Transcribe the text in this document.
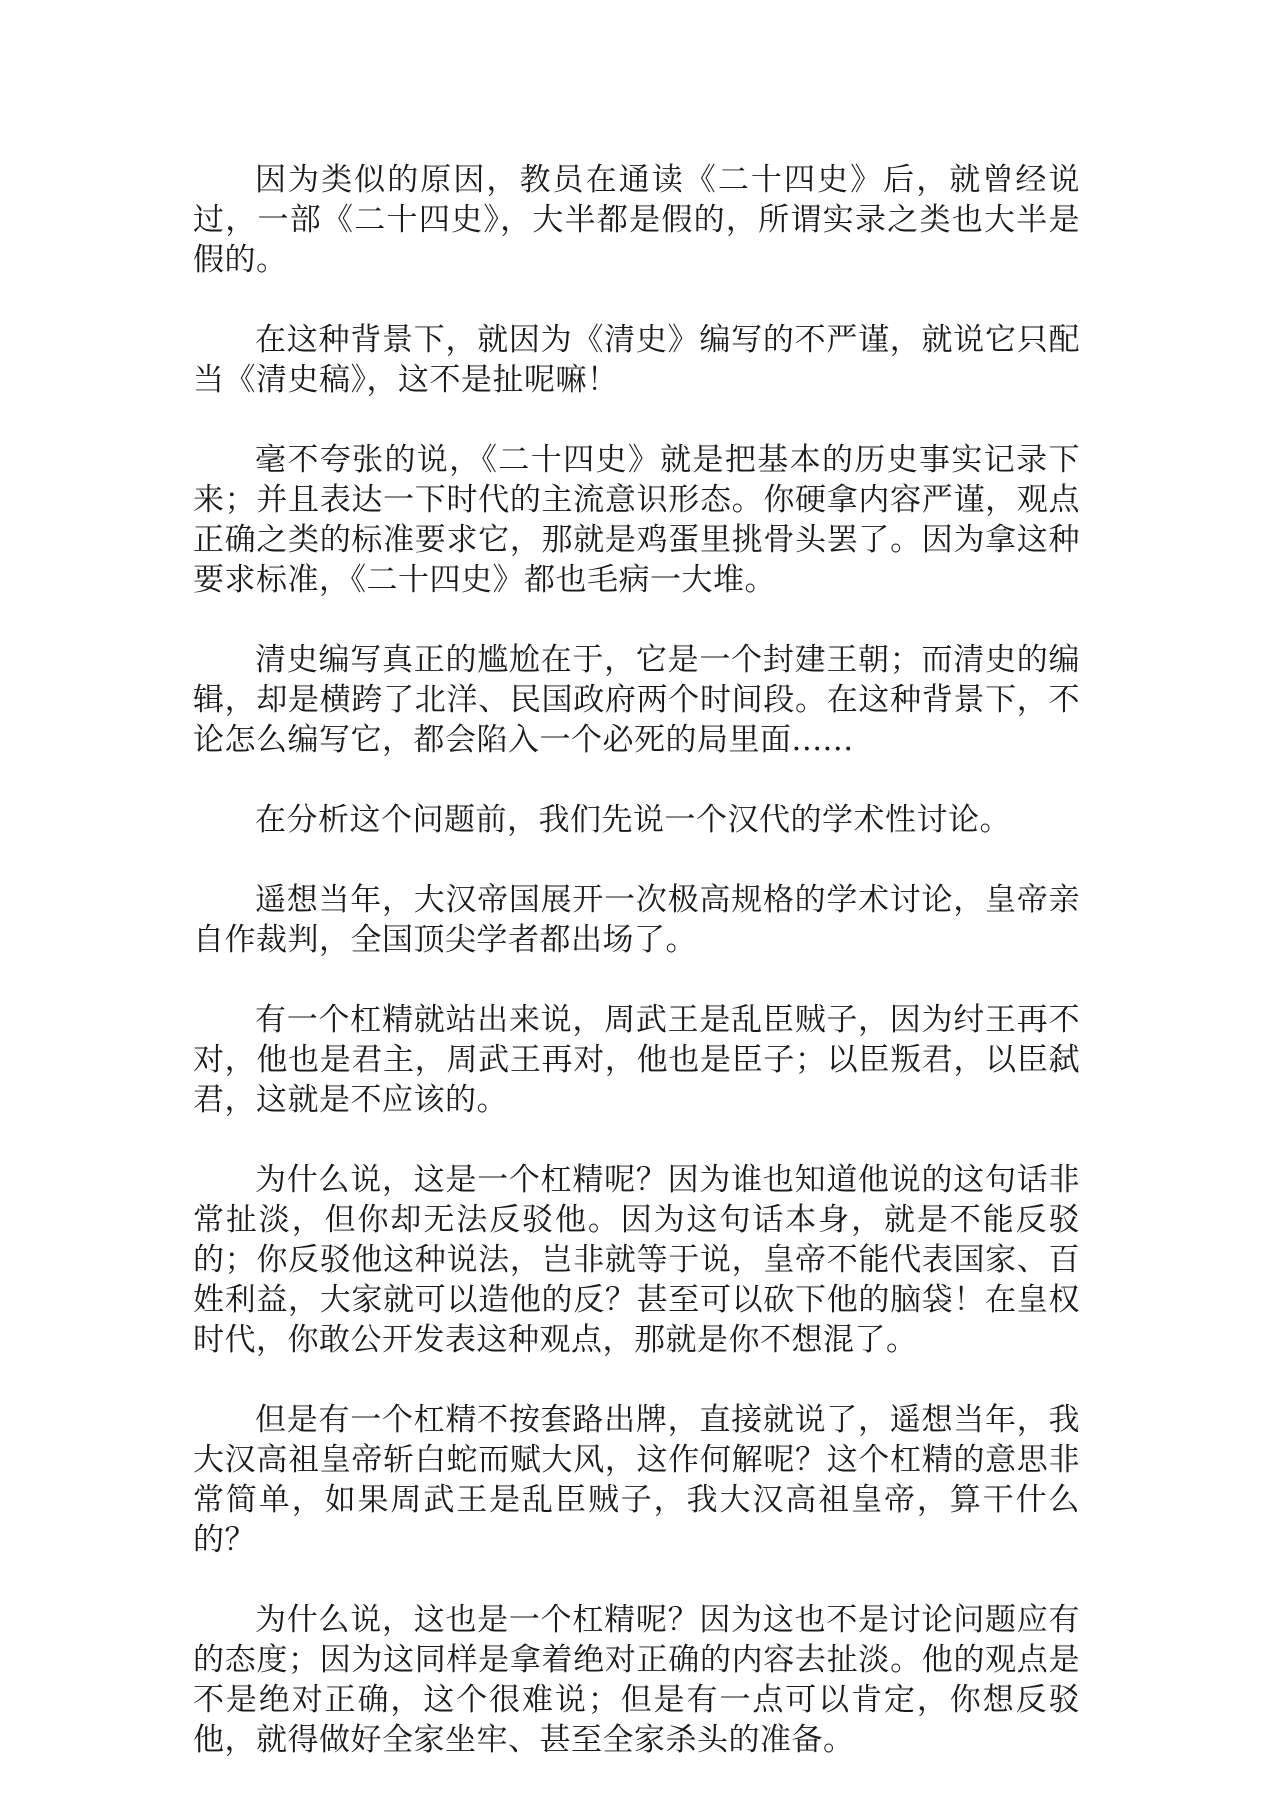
因为类似的原因，教员在通读《二十四史》后，就曾经说过，一部《二十四史》，大半都是假的，所谓实录之类也大半是假的。

在这种背景下，就因为《清史》编写的不严谨，就说它只配当《清史稿》，这不是扯呢嘛！

毫不夸张的说，《二十四史》就是把基本的历史事实记录下来；并且表达一下时代的主流意识形态。你硬拿内容严谨，观点正确之类的标准要求它，那就是鸡蛋里挑骨头罢了。因为拿这种要求标准，《二十四史》都也毛病一大堆。

清史编写真正的尴尬在于，它是一个封建王朝；而清史的编辑，却是横跨了北洋、民国政府两个时间段。在这种背景下，不论怎么编写它，都会陷入一个必死的局里面......

在分析这个问题前，我们先说一个汉代的学术性讨论。

遥想当年，大汉帝国展开一次极高规格的学术讨论，皇帝亲自作裁判，全国顶尖学者都出场了。

有一个杠精就站出来说，周武王是乱臣贼子，因为纣王再不对，他也是君主，周武王再对，他也是臣子；以臣叛君，以臣弑君，这就是不应该的。

为什么说，这是一个杠精呢？因为谁也知道他说的这句话非常扯淡，但你却无法反驳他。因为这句话本身，就是不能反驳的；你反驳他这种说法，岂非就等于说，皇帝不能代表国家、百姓利益，大家就可以造他的反？甚至可以砍下他的脑袋！在皇权时代，你敢公开发表这种观点，那就是你不想混了。

但是有一个杠精不按套路出牌，直接就说了，遥想当年，我大汉高祖皇帝斩白蛇而赋大风，这作何解呢？这个杠精的意思非常简单，如果周武王是乱臣贼子，我大汉高祖皇帝，算干什么的？

为什么说，这也是一个杠精呢？因为这也不是讨论问题应有的态度；因为这同样是拿着绝对正确的内容去扯淡。他的观点是不是绝对正确，这个很难说；但是有一点可以肯定，你想反驳他，就得做好全家坐牢、甚至全家杀头的准备。
